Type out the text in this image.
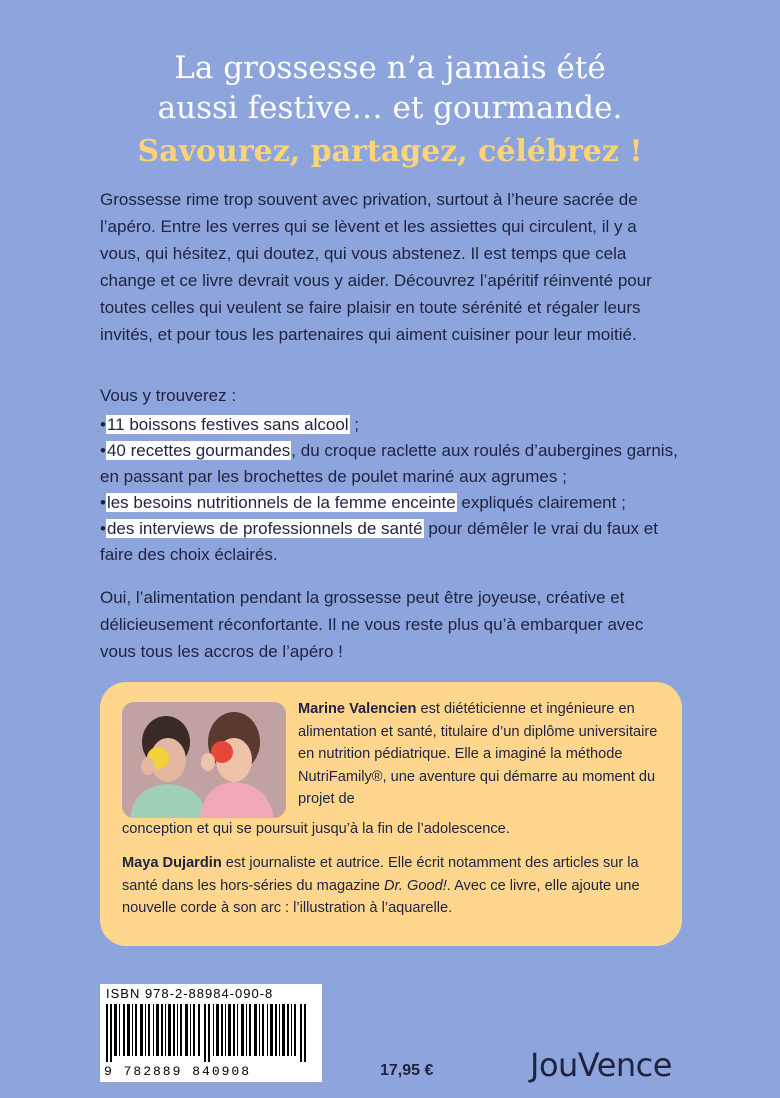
La grossesse n’a jamais été
aussi festive… et gourmande.
Savourez, partagez, célébrez !
Grossesse rime trop souvent avec privation, surtout à l’heure sacrée de l’apéro. Entre les verres qui se lèvent et les assiettes qui circulent, il y a vous, qui hésitez, qui doutez, qui vous abstenez. Il est temps que cela change et ce livre devrait vous y aider. Découvrez l’apéritif réinventé pour toutes celles qui veulent se faire plaisir en toute sérénité et régaler leurs invités, et pour tous les partenaires qui aiment cuisiner pour leur moitié.
Vous y trouverez :
•11 boissons festives sans alcool ;
•40 recettes gourmandes, du croque raclette aux roulés d’aubergines garnis, en passant par les brochettes de poulet mariné aux agrumes ;
•les besoins nutritionnels de la femme enceinte expliqués clairement ;
•des interviews de professionnels de santé pour démêler le vrai du faux et faire des choix éclairés.
Oui, l’alimentation pendant la grossesse peut être joyeuse, créative et délicieusement réconfortante. Il ne vous reste plus qu’à embarquer avec vous tous les accros de l’apéro !
Marine Valencien est diététicienne et ingénieure en alimentation et santé, titulaire d’un diplôme universitaire en nutrition pédiatrique. Elle a imaginé la méthode NutriFamily®, une aventure qui démarre au moment du projet de
conception et qui se poursuit jusqu’à la fin de l’adolescence.
Maya Dujardin est journaliste et autrice. Elle écrit notamment des articles sur la santé dans les hors-séries du magazine Dr. Good!. Avec ce livre, elle ajoute une nouvelle corde à son arc : l’illustration à l’aquarelle.
ISBN 978-2-88984-090-8
9 782889 840908	17,95 €	JouVence
